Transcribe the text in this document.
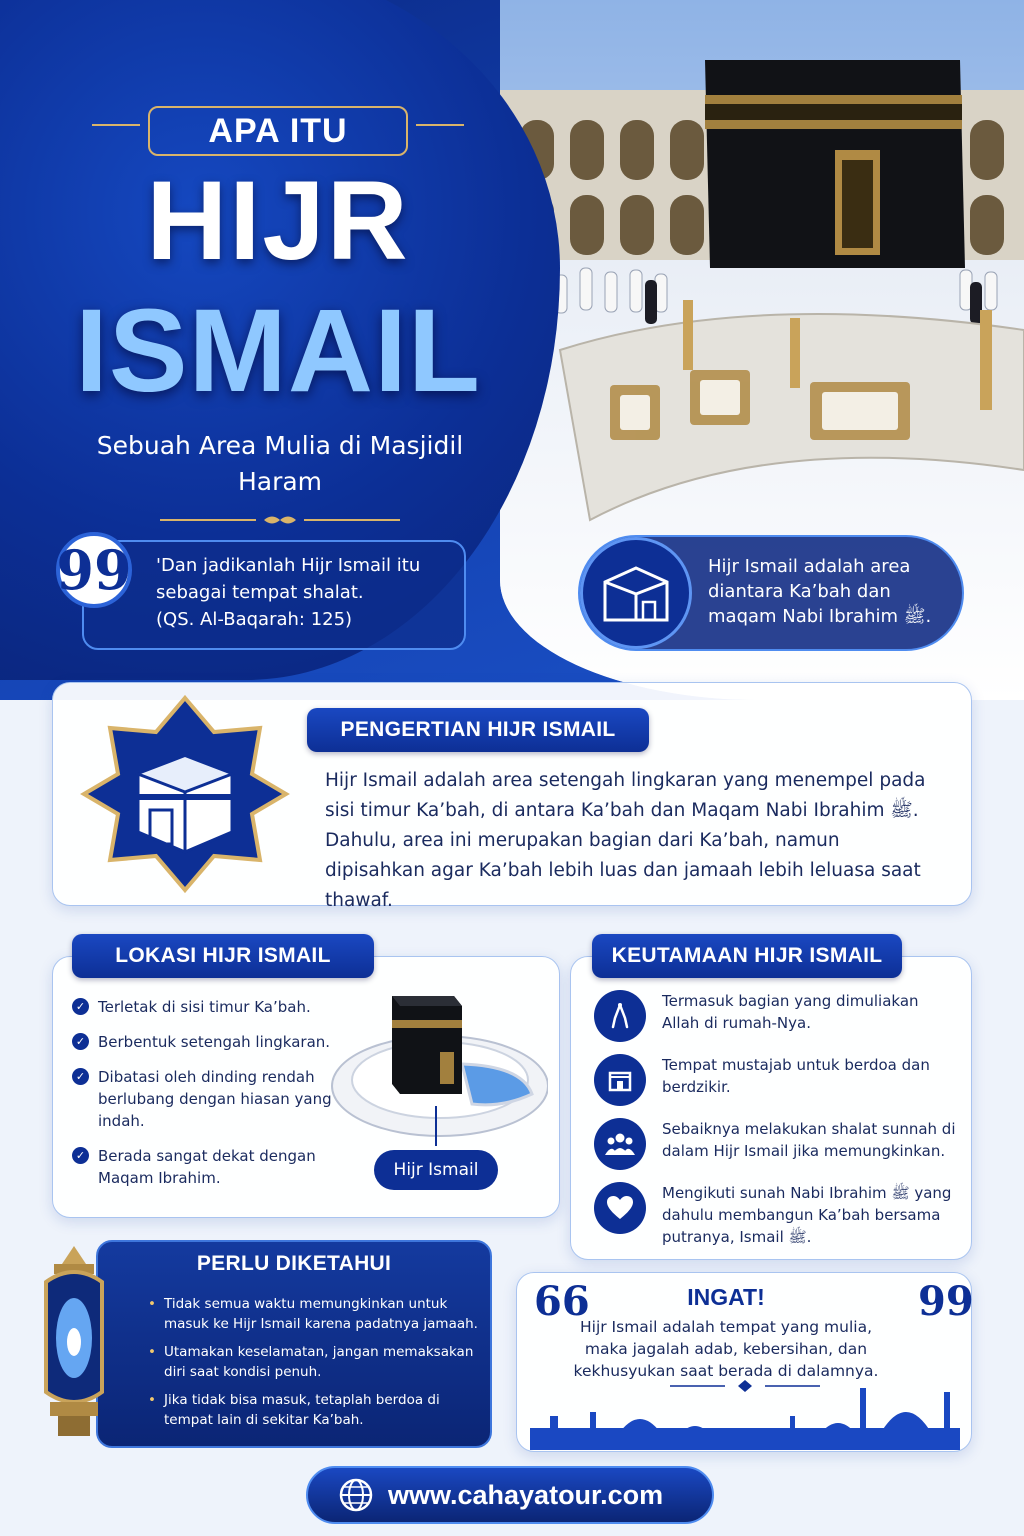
APA ITU
HIJR
ISMAIL
Sebuah Area Mulia di Masjidil Haram
99 'Dan jadikanlah Hijr Ismail itu sebagai tempat shalat.
(QS. Al-Baqarah: 125)
Hijr Ismail adalah area diantara Ka’bah dan maqam Nabi Ibrahim ﷺ.
PENGERTIAN HIJR ISMAIL
Hijr Ismail adalah area setengah lingkaran yang menempel pada sisi timur Ka’bah, di antara Ka’bah dan Maqam Nabi Ibrahim ﷺ. Dahulu, area ini merupakan bagian dari Ka’bah, namun dipisahkan agar Ka’bah lebih luas dan jamaah lebih leluasa saat thawaf.
LOKASI HIJR ISMAIL
✓ Terletak di sisi timur Ka’bah.
✓ Berbentuk setengah lingkaran.
✓ Dibatasi oleh dinding rendah berlubang dengan hiasan yang indah.
✓ Berada sangat dekat dengan Maqam Ibrahim.	Hijr Ismail
KEUTAMAAN HIJR ISMAIL
Termasuk bagian yang dimuliakan Allah di rumah-Nya.
Tempat mustajab untuk berdoa dan berdzikir.
Sebaiknya melakukan shalat sunnah di dalam Hijr Ismail jika memungkinkan.
Mengikuti sunah Nabi Ibrahim ﷺ yang dahulu membangun Ka’bah bersama putranya, Ismail ﷺ.
PERLU DIKETAHUI
• Tidak semua waktu memungkinkan untuk masuk ke Hijr Ismail karena padatnya jamaah.
• Utamakan keselamatan, jangan memaksakan diri saat kondisi penuh.
• Jika tidak bisa masuk, tetaplah berdoa di tempat lain di sekitar Ka’bah.
66	99
INGAT!
Hijr Ismail adalah tempat yang mulia, maka jagalah adab, kebersihan, dan kekhusyukan saat berada di dalamnya.
www.cahayatour.com
